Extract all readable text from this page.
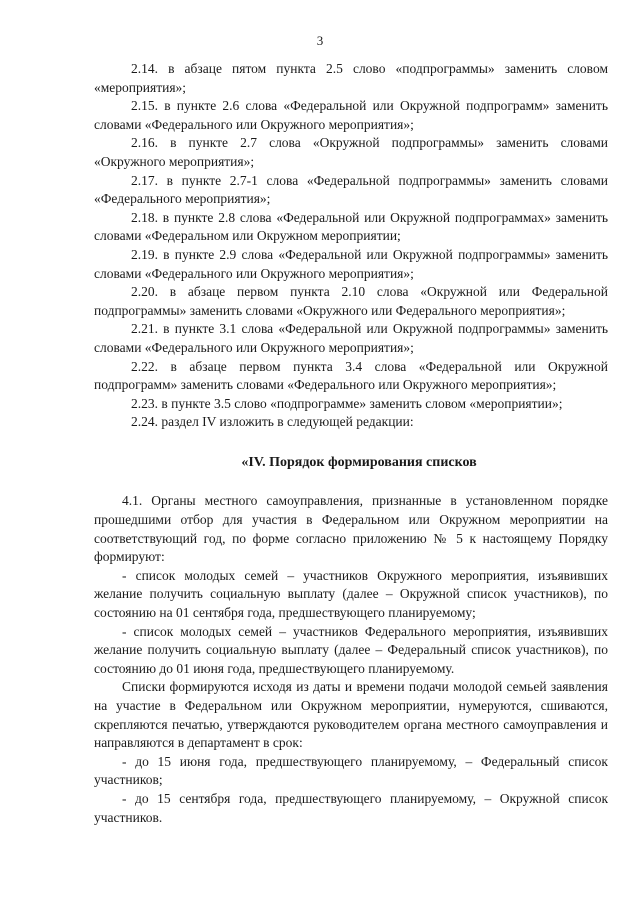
3

2.14. в абзаце пятом пункта 2.5 слово «подпрограммы» заменить словом «мероприятия»;

2.15. в пункте 2.6 слова «Федеральной или Окружной подпрограмм» заменить словами «Федерального или Окружного мероприятия»;

2.16. в пункте 2.7 слова «Окружной подпрограммы» заменить словами «Окружного мероприятия»;

2.17. в пункте 2.7-1 слова «Федеральной подпрограммы» заменить словами «Федерального мероприятия»;

2.18. в пункте 2.8 слова «Федеральной или Окружной подпрограммах» заменить словами «Федеральном или Окружном мероприятии;

2.19. в пункте 2.9 слова «Федеральной или Окружной подпрограммы» заменить словами «Федерального или Окружного мероприятия»;

2.20. в абзаце первом пункта 2.10 слова «Окружной или Федеральной подпрограммы» заменить словами «Окружного или Федерального мероприятия»;

2.21. в пункте 3.1 слова «Федеральной или Окружной подпрограммы» заменить словами «Федерального или Окружного мероприятия»;

2.22. в абзаце первом пункта 3.4 слова «Федеральной или Окружной подпрограмм» заменить словами «Федерального или Окружного мероприятия»;

2.23. в пункте 3.5 слово «подпрограмме» заменить словом «мероприятии»;

2.24. раздел IV изложить в следующей редакции:

«IV. Порядок формирования списков

4.1. Органы местного самоуправления, признанные в установленном порядке прошедшими отбор для участия в Федеральном или Окружном мероприятии на соответствующий год, по форме согласно приложению № 5 к настоящему Порядку формируют:

- список молодых семей – участников Окружного мероприятия, изъявивших желание получить социальную выплату (далее – Окружной список участников), по состоянию на 01 сентября года, предшествующего планируемому;

- список молодых семей – участников Федерального мероприятия, изъявивших желание получить социальную выплату (далее – Федеральный список участников), по состоянию до 01 июня года, предшествующего планируемому.

Списки формируются исходя из даты и времени подачи молодой семьей заявления на участие в Федеральном или Окружном мероприятии, нумеруются, сшиваются, скрепляются печатью, утверждаются руководителем органа местного самоуправления и направляются в департамент в срок:

- до 15 июня года, предшествующего планируемому, – Федеральный список участников;

- до 15 сентября года, предшествующего планируемому, – Окружной список участников.
